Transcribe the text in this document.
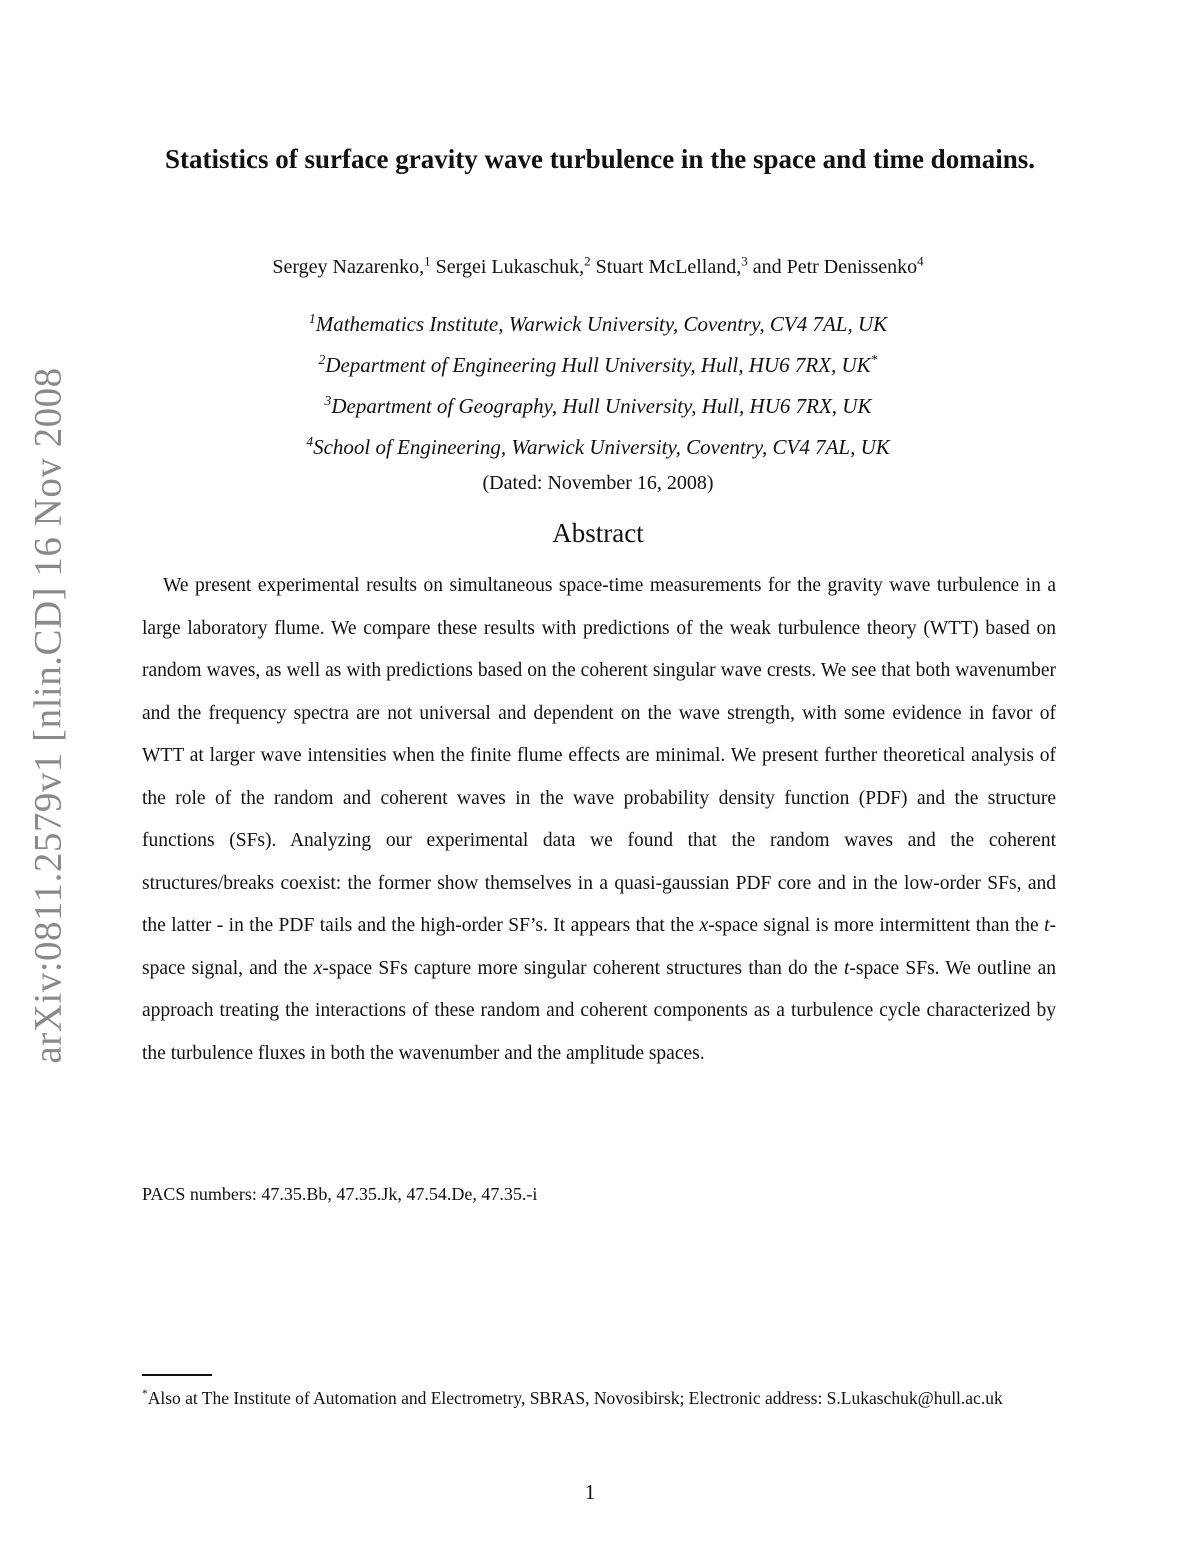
arXiv:0811.2579v1 [nlin.CD] 16 Nov 2008
Statistics of surface gravity wave turbulence in the space and time domains.
Sergey Nazarenko,$^1$ Sergei Lukaschuk,$^2$ Stuart McLelland,$^3$ and Petr Denissenko$^4$
$^1$Mathematics Institute, Warwick University, Coventry, CV4 7AL, UK
$^2$Department of Engineering Hull University, Hull, HU6 7RX, UK*
$^3$Department of Geography, Hull University, Hull, HU6 7RX, UK
$^4$School of Engineering, Warwick University, Coventry, CV4 7AL, UK
(Dated: November 16, 2008)
Abstract

We present experimental results on simultaneous space-time measurements for the gravity wave turbulence in a large laboratory flume. We compare these results with predictions of the weak turbulence theory (WTT) based on random waves, as well as with predictions based on the coherent singular wave crests. We see that both wavenumber and the frequency spectra are not universal and dependent on the wave strength, with some evidence in favor of WTT at larger wave intensities when the finite flume effects are minimal. We present further theoretical analysis of the role of the random and coherent waves in the wave probability density function (PDF) and the structure functions (SFs). Analyzing our experimental data we found that the random waves and the coherent structures/breaks coexist: the former show themselves in a quasi-gaussian PDF core and in the low-order SFs, and the latter - in the PDF tails and the high-order SF’s. It appears that the x-space signal is more intermittent than the t-space signal, and the x-space SFs capture more singular coherent structures than do the t-space SFs. We outline an approach treating the interactions of these random and coherent components as a turbulence cycle characterized by the turbulence fluxes in both the wavenumber and the amplitude spaces.

PACS numbers: 47.35.Bb, 47.35.Jk, 47.54.De, 47.35.-i
*Also at The Institute of Automation and Electrometry, SBRAS, Novosibirsk; Electronic address: S.Lukaschuk@hull.ac.uk
1
